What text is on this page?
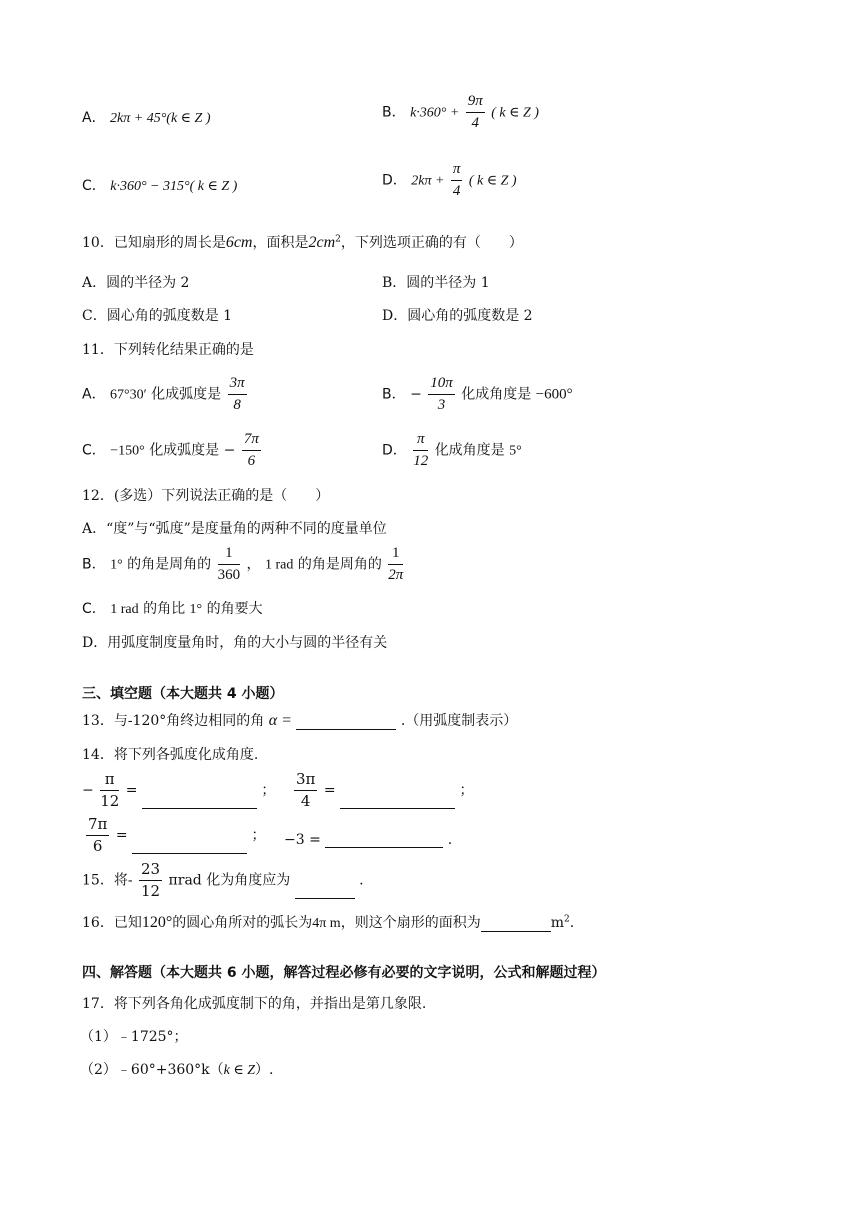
A． 2kπ + 45°(k ∈ Z )	B． $k\cdot 360^\circ + \frac{9\pi}{4}$ ( k ∈ Z )
C． k·360° − 315°( k ∈ Z )	D． $2k\pi + \frac{\pi}{4}$ ( k ∈ Z )
10．已知扇形的周长是6cm，面积是$2cm^2$，下列选项正确的有（　　）
A．圆的半径为 2	B．圆的半径为 1
C．圆心角的弧度数是 1	D．圆心角的弧度数是 2
11．下列转化结果正确的是
A． 67°30′ 化成弧度是 $\frac{3\pi}{8}$	B． − $\frac{10\pi}{3}$ 化成角度是 −600°
C． −150° 化成弧度是 − $\frac{7\pi}{6}$	D． $\frac{\pi}{12}$ 化成角度是 5°
12．(多选）下列说法正确的是（　　）
A．“度”与“弧度”是度量角的两种不同的度量单位
B． 1° 的角是周角的 $\frac{1}{360}$ ， 1 rad 的角是周角的 $\frac{1}{2\pi}$
C． 1 rad 的角比 1° 的角要大
D．用弧度制度量角时，角的大小与圆的半径有关
三、填空题（本大题共 4 小题）
13．与-120°角终边相同的角 α =	.（用弧度制表示）
14．将下列各弧度化成角度.
− $\frac{\pi}{12}$ =	； $\frac{3\pi}{4}$ =	；
$\frac{7\pi}{6}$ =	； −3 =	.
15．将- $\frac{23}{12}$ πrad 化为角度应为	.
16．已知120°的圆心角所对的弧长为4π m，则这个扇形的面积为	$m^2$.
四、解答题（本大题共 6 小题，解答过程必修有必要的文字说明，公式和解题过程）
17．将下列各角化成弧度制下的角，并指出是第几象限.
（1）﹣1725°；
（2）﹣60°+360°k（k ∈ Z）.
